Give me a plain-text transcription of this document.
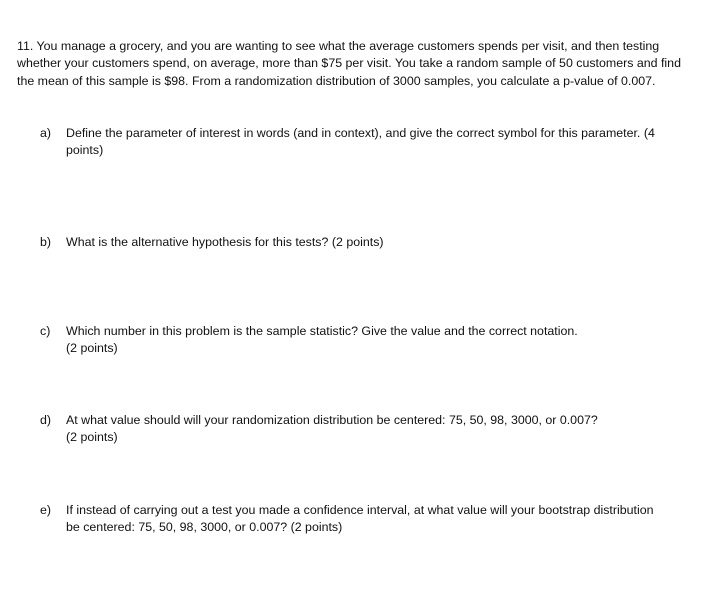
11. You manage a grocery, and you are wanting to see what the average customers spends per visit, and then testing whether your customers spend, on average, more than $75 per visit. You take a random sample of 50 customers and find the mean of this sample is $98. From a randomization distribution of 3000 samples, you calculate a p-value of 0.007.
a)	Define the parameter of interest in words (and in context), and give the correct symbol for this parameter. (4 points)
b)	What is the alternative hypothesis for this tests? (2 points)
c)	Which number in this problem is the sample statistic? Give the value and the correct notation.
(2 points)
d)	At what value should will your randomization distribution be centered: 75, 50, 98, 3000, or 0.007?
(2 points)
e)	If instead of carrying out a test you made a confidence interval, at what value will your bootstrap distribution be centered: 75, 50, 98, 3000, or 0.007? (2 points)
